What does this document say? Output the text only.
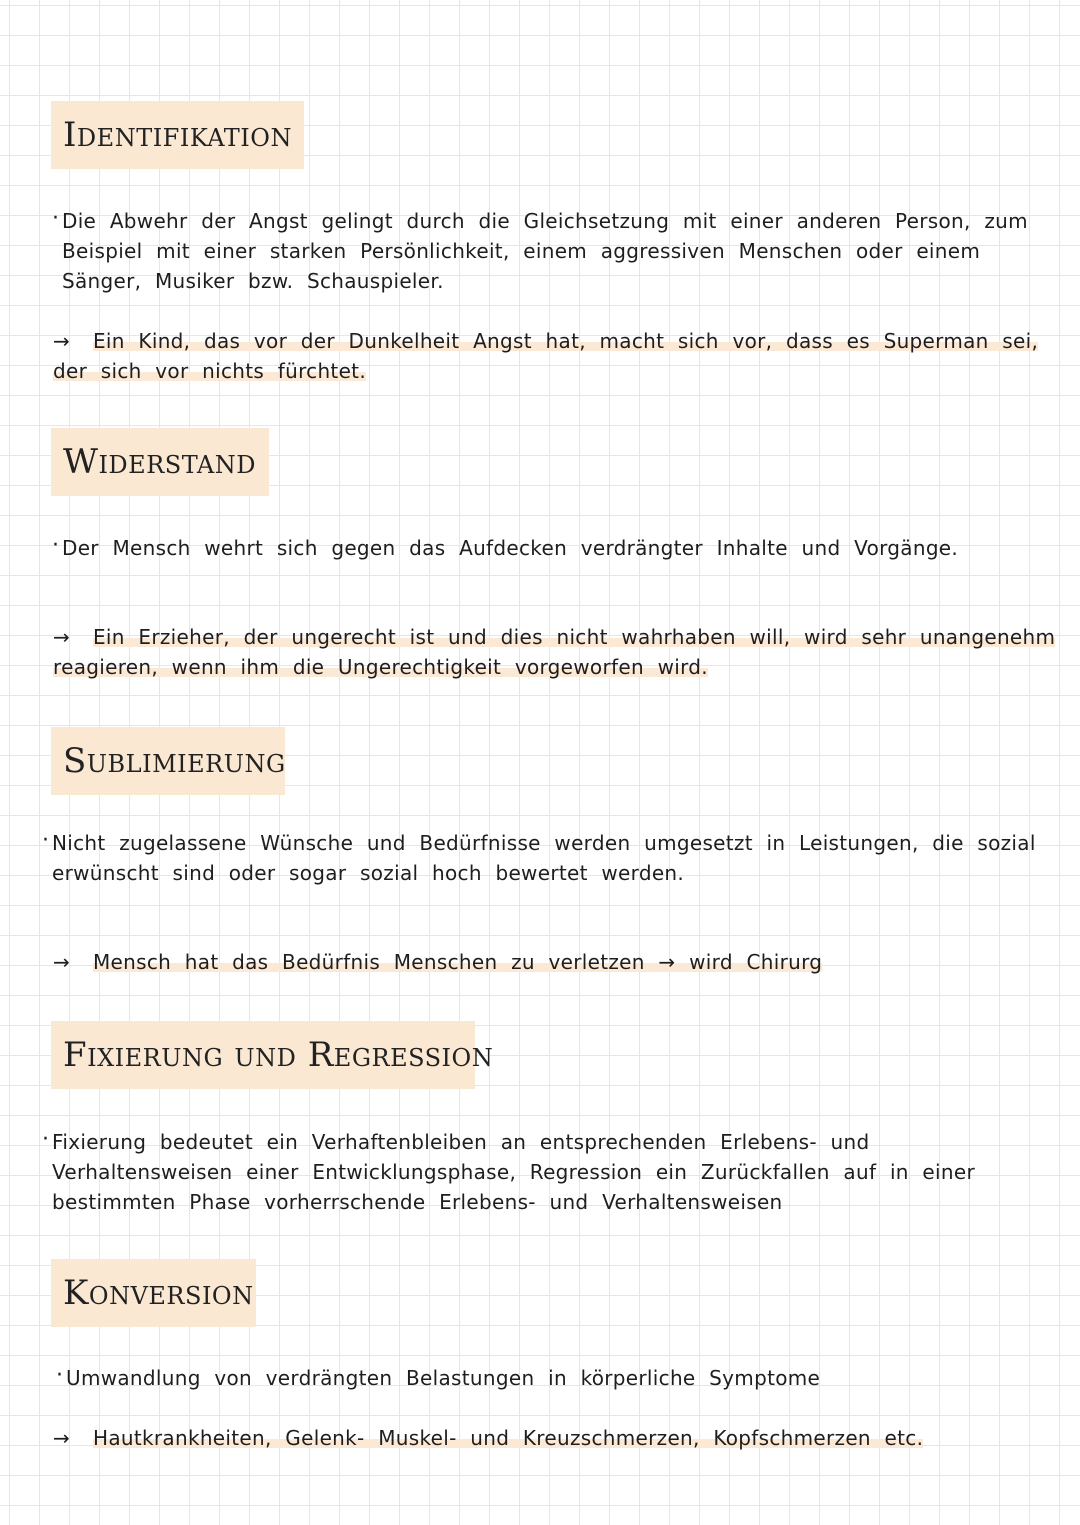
Identifikation

· Die Abwehr der Angst gelingt durch die Gleichsetzung mit einer anderen Person, zum Beispiel mit einer starken Persönlichkeit, einem aggressiven Menschen oder einem Sänger, Musiker bzw. Schauspieler.

→ Ein Kind, das vor der Dunkelheit Angst hat, macht sich vor, dass es Superman sei, der sich vor nichts fürchtet.
Widerstand

· Der Mensch wehrt sich gegen das Aufdecken verdrängter Inhalte und Vorgänge.

→ Ein Erzieher, der ungerecht ist und dies nicht wahrhaben will, wird sehr unangenehm reagieren, wenn ihm die Ungerechtigkeit vorgeworfen wird.
Sublimierung

· Nicht zugelassene Wünsche und Bedürfnisse werden umgesetzt in Leistungen, die sozial erwünscht sind oder sogar sozial hoch bewertet werden.

→ Mensch hat das Bedürfnis Menschen zu verletzen → wird Chirurg
Fixierung und Regression

· Fixierung bedeutet ein Verhaftenbleiben an entsprechenden Erlebens- und Verhaltensweisen einer Entwicklungsphase, Regression ein Zurückfallen auf in einer bestimmten Phase vorherrschende Erlebens- und Verhaltensweisen

Konversion

· Umwandlung von verdrängten Belastungen in körperliche Symptome

→ Hautkrankheiten, Gelenk- Muskel- und Kreuzschmerzen, Kopfschmerzen etc.
